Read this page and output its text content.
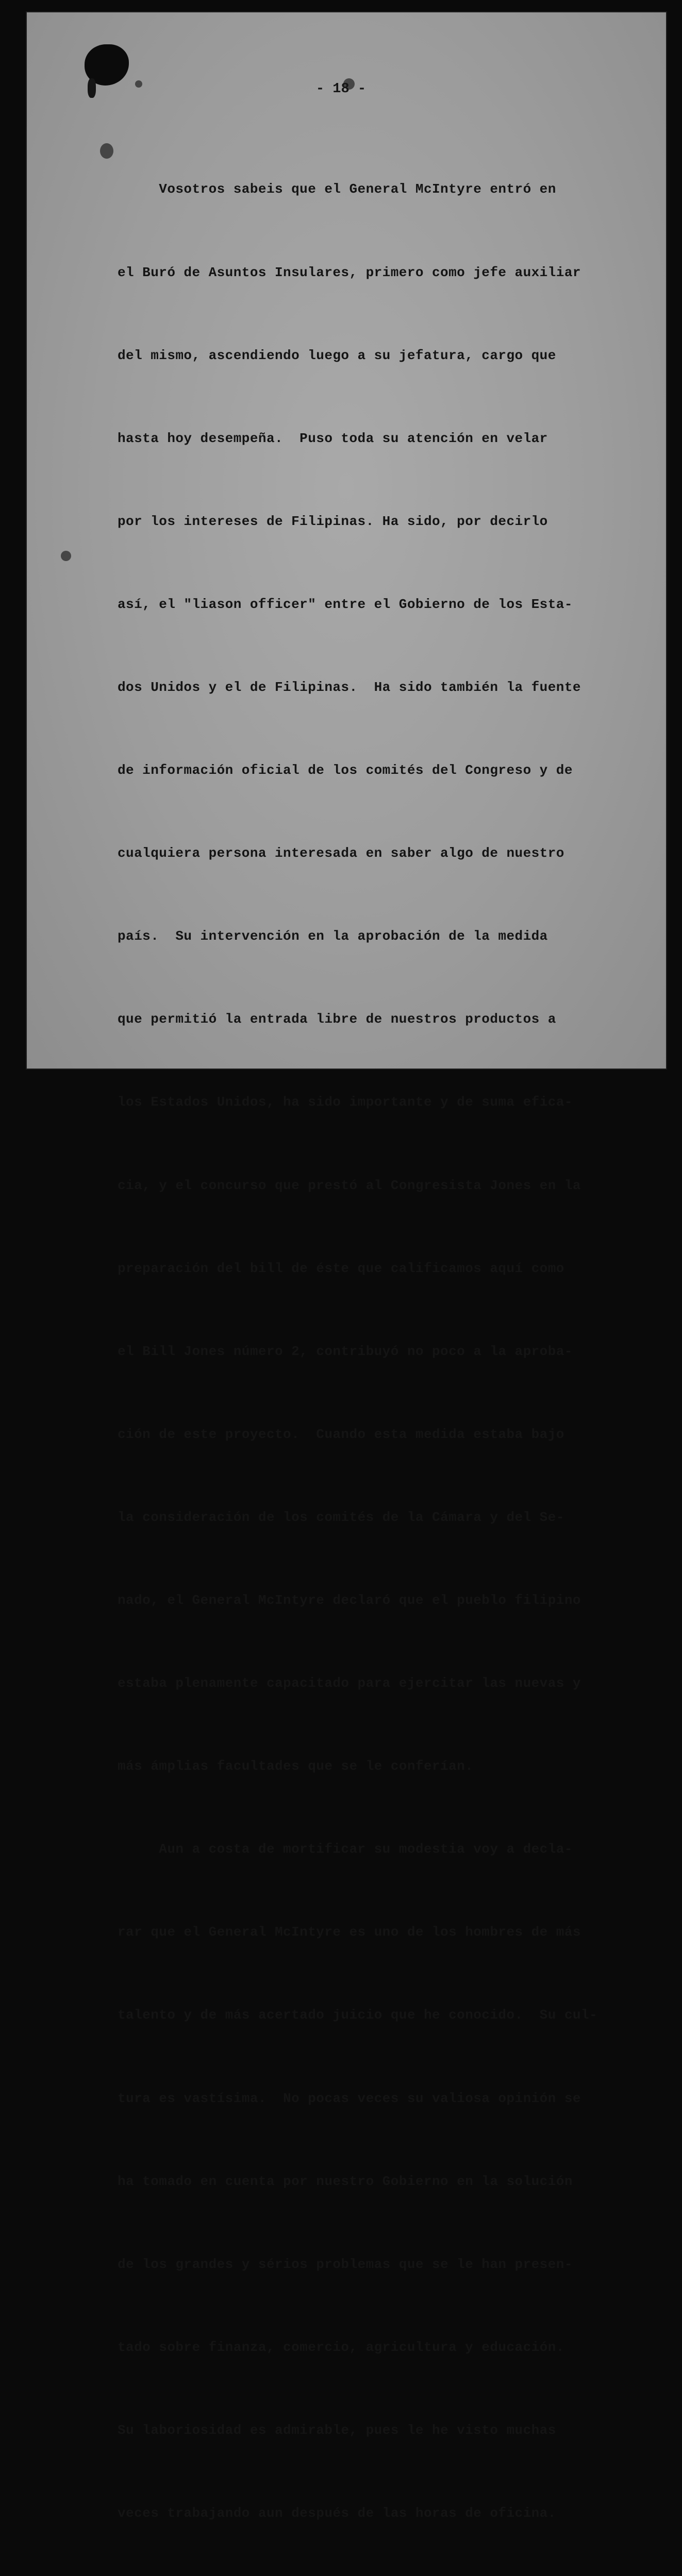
- 18 -

Vosotros sabeis que el General McIntyre entró en

el Buró de Asuntos Insulares, primero como jefe auxiliar

del mismo, ascendiendo luego a su jefatura, cargo que

hasta hoy desempeña.  Puso toda su atención en velar

por los intereses de Filipinas. Ha sido, por decirlo

así, el "liason officer" entre el Gobierno de los Esta-

dos Unidos y el de Filipinas.  Ha sido también la fuente

de información oficial de los comités del Congreso y de

cualquiera persona interesada en saber algo de nuestro

país.  Su intervención en la aprobación de la medida

que permitió la entrada libre de nuestros productos a

los Estados Unidos, ha sido importante y de suma efica-

cia, y el concurso que prestó al Congresista Jones en la

preparación del bill de éste que calificamos aquí como

el Bill Jones número 2, contribuyó no poco a la aproba-

ción de este proyecto.  Cuando esta medida estaba bajo

la consideración de los comités de la Cámara y del Se-

nado, el General McIntyre declaró que el pueblo filipino

estaba plenamente capacitado para ejercitar las nuevas y

más ámplias facultades que se le conferían.

Aun a costa de mortificar su modestia voy a decla-

rar que el General McIntyre es uno de los hombres de más

talento y de más acertado juicio que he conocido.  Su cul-

tura es vastísima.  No pocas veces su valiosa opinión se

ha tomado en cuenta por nuestro Gobierno en la solución

de los grandes y sérios problemas que se le han presen-

tado sobre finanza, comercio, agricultura y educación.

Su laboriosidad es admirable, pues le he visto muchas

veces trabajando aun después de las horas de oficina.
